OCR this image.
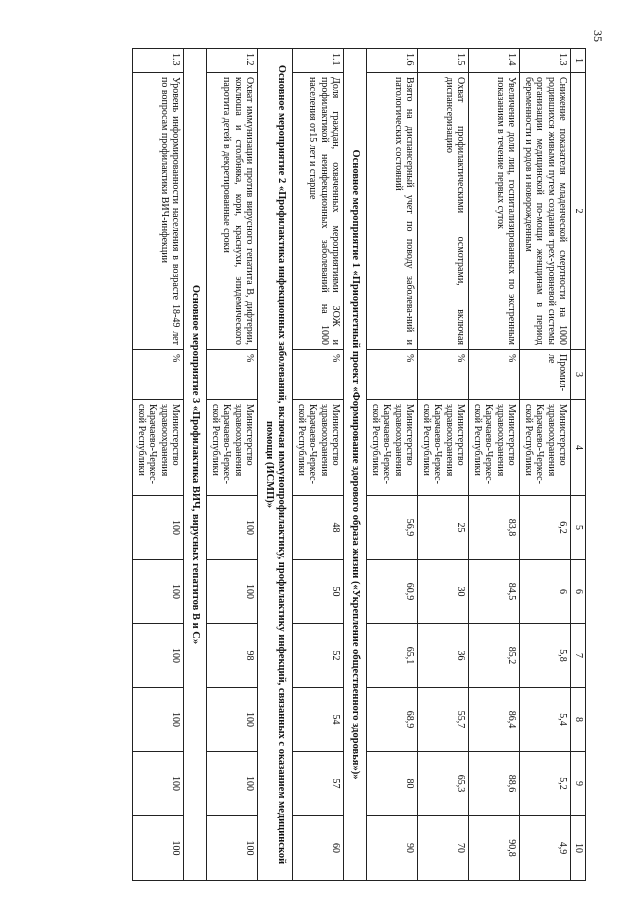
35
1	2	3	4	5	6	7	8	9	10
1.3	Снижение показателя младенческой смертности на 1000 родившихся живыми путем создания трех-уровневой системы организации медицинской по-мощи женщинам в период беременности и родов и новорожденным	Промил-ле	Министерство здравоохранения Карачаево-Черкес-ской Республики	6,2	6	5,8	5,4	5,2	4,9
1.4	Увеличение доли лиц, госпитализированных по экстренным показаниям в течение первых суток	%	Министерство здравоохранения Карачаево-Черкес-ской Республики	83,8	84,5	85,2	86,4	88,6	90,8
1.5	Охват профилактическими осмотрами, включая диспансеризацию	%	Министерство здравоохранения Карачаево-Черкес-ской Республики	25	30	36	55,7	65,3	70
1.6	Взято на диспансерный учет по поводу заболева-ний и патологических состояний	%	Министерство здравоохранения Карачаево-Черкес-ской Республики	56,9	60,9	65,1	68,9	80	90
Основное мероприятие 1 «Приоритетный проект «Формирование здорового образа жизни («Укрепление общественного здоровья»)»									
1.1	Доля граждан, охваченных мероприятиями ЗОЖ и профилактикой неинфекционных заболеваний на 1000 населения от15 лет и старше	%	Министерство здравоохранения Карачаево-Черкес-ской Республики	48	50	52	54	57	60
Основное мероприятие 2 «Профилактика инфекционных заболеваний, включая иммунопрофилактику, профилактику инфекций, связанных с оказанием медицинской помощи (ИСМП)»									
1.2	Охват иммунизации против вирусного гепатита В, дифтерии, коклюша и столбняка, кори, краснухи, эпидемического паротита детей в декретированные сроки	%	Министерство здравоохранения Карачаево-Черкес-ской Республики	100	100	98	100	100	100
Основное мероприятие 3 «Профилактика ВИЧ, вирусных гепатитов В и С»									
1.3	Уровень информированности населения в возрасте 18-49 лет по вопросам профилактики ВИЧ-инфекции	%	Министерство здравоохранения Карачаево-Черкес-ской Республики	100	100	100	100	100	100
